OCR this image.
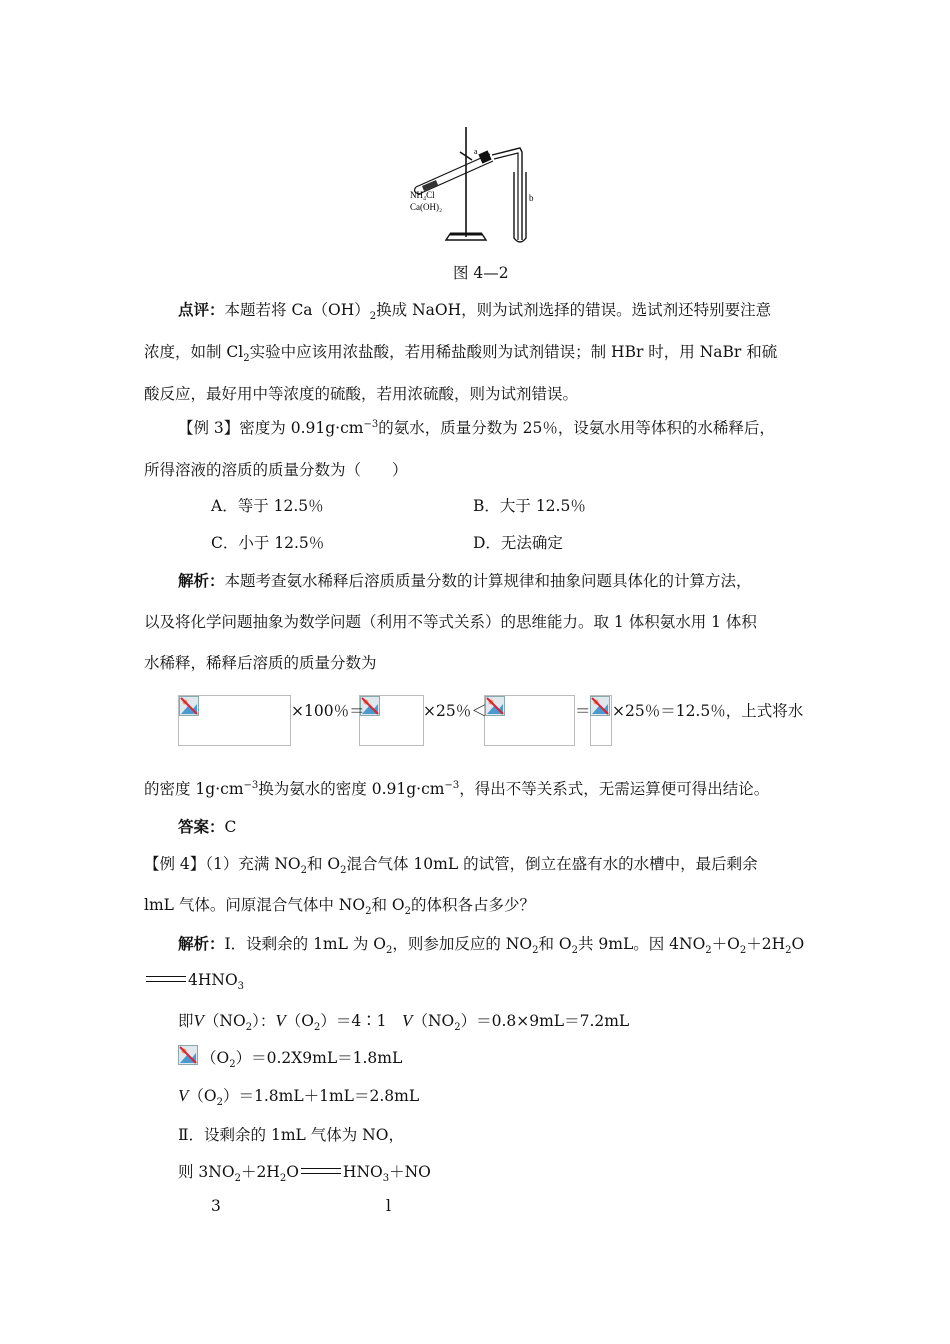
b
a
NH₄Cl
Ca(OH)₂
图 4—2
点评：本题若将 $Ca(OH)_2$换成 NaOH，则为试剂选择的错误。选试剂还特别要注意
浓度，如制 $Cl_2$实验中应该用浓盐酸，若用稀盐酸则为试剂错误；制 HBr 时，用 NaBr 和硫
酸反应，最好用中等浓度的硫酸，若用浓硫酸，则为试剂错误。
【例 3】密度为 $0.91g\cdot cm^{-3}$的氨水，质量分数为 25％，设氨水用等体积的水稀释后，
所得溶液的溶质的质量分数为（　　）
A．等于 12.5％	B．大于 12.5％
C．小于 12.5％	D．无法确定
解析：本题考查氨水稀释后溶质质量分数的计算规律和抽象问题具体化的计算方法，
以及将化学问题抽象为数学问题（利用不等式关系）的思维能力。取 1 体积氨水用 1 体积
水稀释，稀释后溶质的质量分数为
×100％＝	×25％＜	＝ ×25％＝12.5％，上式将水
的密度 $1g\cdot cm^{-3}$换为氨水的密度 $0.91g\cdot cm^{-3}$，得出不等关系式，无需运算便可得出结论。
答案：C
【例 4】（1）充满 $NO_2$和 $O_2$混合气体 10mL 的试管，倒立在盛有水的水槽中，最后剩余
lmL 气体。问原混合气体中 $NO_2$和 $O_2$的体积各占多少？
解析：I．设剩余的 1mL 为 $O_2$，则参加反应的 $NO_2$和 $O_2$共 9mL。因 $4NO_2+O_2+2H_2O$
$4HNO_3$
即$V(NO_2)$：$V(O_2)=4∶1$　$V(NO_2)=0.8\times 9mL=7.2mL$
$(O_2)=0.2X9mL=1.8mL$
$V(O_2)=1.8mL+1mL=2.8mL$
Ⅱ．设剩余的 1mL 气体为 NO，
则 $3NO_2+2H_2O$	$HNO_3+NO$
3	l
